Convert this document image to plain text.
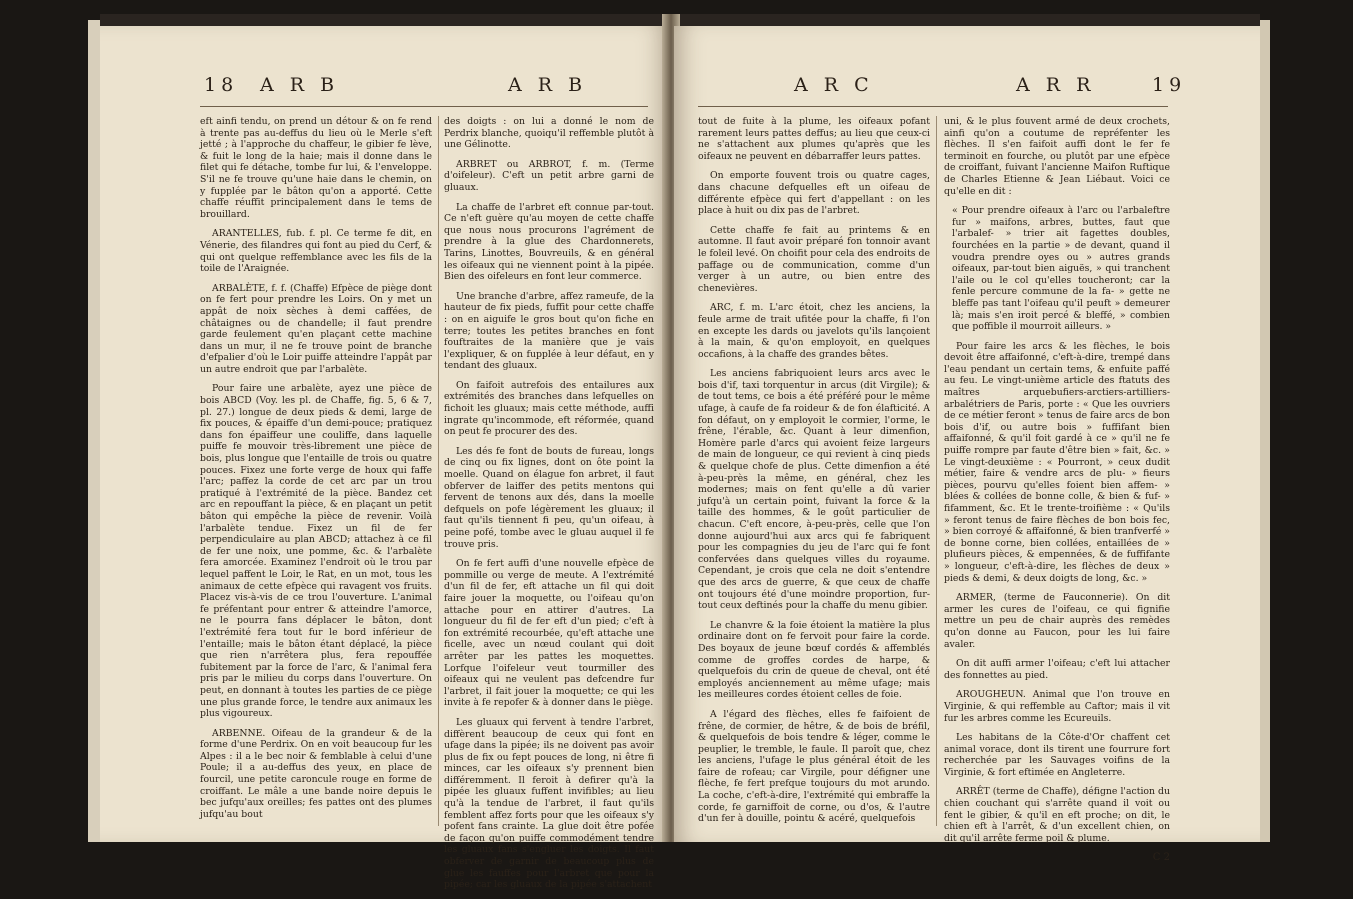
18 A R B	A R B

eft ainfi tendu, on prend un détour & on fe rend à trente pas au-deffus du lieu où le Merle s'eft jetté ; à l'approche du chaffeur, le gibier fe lève, & fuit le long de la haie; mais il donne dans le filet qui fe détache, tombe fur lui, & l'enveloppe. S'il ne fe trouve qu'une haie dans le chemin, on y fupplée par le bâton qu'on a apporté. Cette chaffe réuffit principalement dans le tems de brouillard.

ARANTELLES, fub. f. pl. Ce terme fe dit, en Vénerie, des filandres qui font au pied du Cerf, & qui ont quelque reffemblance avec les fils de la toile de l'Araignée.

ARBALÈTE, f. f. (Chaffe) Efpèce de piège dont on fe fert pour prendre les Loirs. On y met un appât de noix sèches à demi caffées, de châtaignes ou de chandelle; il faut prendre garde feulement qu'en plaçant cette machine dans un mur, il ne fe trouve point de branche d'efpalier d'où le Loir puiffe atteindre l'appât par un autre endroit que par l'arbalète.

Pour faire une arbalète, ayez une pièce de bois ABCD (Voy. les pl. de Chaffe, fig. 5, 6 & 7, pl. 27.) longue de deux pieds & demi, large de fix pouces, & épaiffe d'un demi-pouce; pratiquez dans fon épaiffeur une couliffe, dans laquelle puiffe fe mouvoir très-librement une pièce de bois, plus longue que l'entaille de trois ou quatre pouces. Fixez une forte verge de houx qui faffe l'arc; paffez la corde de cet arc par un trou pratiqué à l'extrémité de la pièce. Bandez cet arc en repouffant la pièce, & en plaçant un petit bâton qui empêche la pièce de revenir. Voilà l'arbalète tendue. Fixez un fil de fer perpendiculaire au plan ABCD; attachez à ce fil de fer une noix, une pomme, &c. & l'arbalète fera amorcée. Examinez l'endroit où le trou par lequel paffent le Loir, le Rat, en un mot, tous les animaux de cette efpèce qui ravagent vos fruits. Placez vis-à-vis de ce trou l'ouverture. L'animal fe préfentant pour entrer & atteindre l'amorce, ne le pourra fans déplacer le bâton, dont l'extrémité fera tout fur le bord inférieur de l'entaille; mais le bâton étant déplacé, la pièce que rien n'arrêtera plus, fera repouffée fubitement par la force de l'arc, & l'animal fera pris par le milieu du corps dans l'ouverture. On peut, en donnant à toutes les parties de ce piège une plus grande force, le tendre aux animaux les plus vigoureux.

ARBENNE. Oifeau de la grandeur & de la forme d'une Perdrix. On en voit beaucoup fur les Alpes : il a le bec noir & femblable à celui d'une Poule; il a au-deffus des yeux, en place de fourcil, une petite caroncule rouge en forme de croiffant. Le mâle a une bande noire depuis le bec jufqu'aux oreilles; fes pattes ont des plumes jufqu'au bout

des doigts : on lui a donné le nom de Perdrix blanche, quoiqu'il reffemble plutôt à une Gélinotte.

ARBRET ou ARBROT, f. m. (Terme d'oifeleur). C'eft un petit arbre garni de gluaux.

La chaffe de l'arbret eft connue par-tout. Ce n'eft guère qu'au moyen de cette chaffe que nous nous procurons l'agrément de prendre à la glue des Chardonnerets, Tarins, Linottes, Bouvreuils, & en général les oifeaux qui ne viennent point à la pipée. Bien des oifeleurs en font leur commerce.

Une branche d'arbre, affez rameufe, de la hauteur de fix pieds, fuffit pour cette chaffe : on en aiguife le gros bout qu'on fiche en terre; toutes les petites branches en font fouftraites de la manière que je vais l'expliquer, & on fupplée à leur défaut, en y tendant des gluaux.

On faifoit autrefois des entailures aux extrémités des branches dans lefquelles on fichoit les gluaux; mais cette méthode, auffi ingrate qu'incommode, eft réformée, quand on peut fe procurer des des.

Les dés fe font de bouts de fureau, longs de cinq ou fix lignes, dont on ôte point la moelle. Quand on élague fon arbret, il faut obferver de laiffer des petits mentons qui fervent de tenons aux dés, dans la moelle defquels on pofe légèrement les gluaux; il faut qu'ils tiennent fi peu, qu'un oifeau, à peine pofé, tombe avec le gluau auquel il fe trouve pris.

On fe fert auffi d'une nouvelle efpèce de pommille ou verge de meute. A l'extrémité d'un fil de fer, eft attache un fil qui doit faire jouer la moquette, ou l'oifeau qu'on attache pour en attirer d'autres. La longueur du fil de fer eft d'un pied; c'eft à fon extrémité recourbée, qu'eft attache une ficelle, avec un nœud coulant qui doit arrêter par les pattes les moquettes. Lorfque l'oifeleur veut tourmiller des oifeaux qui ne veulent pas defcendre fur l'arbret, il fait jouer la moquette; ce qui les invite à fe repofer & à donner dans le piège.

Les gluaux qui fervent à tendre l'arbret, diffèrent beaucoup de ceux qui font en ufage dans la pipée; ils ne doivent pas avoir plus de fix ou fept pouces de long, ni être fi minces, car les oifeaux s'y prennent bien différemment. Il feroit à defirer qu'à la pipée les gluaux fuffent invifibles; au lieu qu'à la tendue de l'arbret, il faut qu'ils femblent affez forts pour que les oifeaux s'y pofent fans crainte. La glue doit être pofée de façon qu'on puiffe commodément tendre les gluaux fans s'engluer les doigts. Il faut obferver de garnir de beaucoup plus de glue les fauffes pour l'arbret que pour la pipée; car les gluaux de la pipée s'attachent

A R C	A R R	19

tout de fuite à la plume, les oifeaux pofant rarement leurs pattes deffus; au lieu que ceux-ci ne s'attachent aux plumes qu'après que les oifeaux ne peuvent en débarraffer leurs pattes.

On emporte fouvent trois ou quatre cages, dans chacune defquelles eft un oifeau de différente efpèce qui fert d'appellant : on les place à huit ou dix pas de l'arbret.

Cette chaffe fe fait au printems & en automne. Il faut avoir préparé fon tonnoir avant le foleil levé. On choifit pour cela des endroits de paffage ou de communication, comme d'un verger à un autre, ou bien entre des chenevières.

ARC, f. m. L'arc étoit, chez les anciens, la feule arme de trait ufitée pour la chaffe, fi l'on en excepte les dards ou javelots qu'ils lançoient à la main, & qu'on employoit, en quelques occafions, à la chaffe des grandes bêtes.

Les anciens fabriquoient leurs arcs avec le bois d'if, taxi torquentur in arcus (dit Virgile); & de tout tems, ce bois a été préféré pour le même ufage, à caufe de fa roideur & de fon élafticité. A fon défaut, on y employoit le cormier, l'orme, le frêne, l'érable, &c. Quant à leur dimenfion, Homère parle d'arcs qui avoient feize largeurs de main de longueur, ce qui revient à cinq pieds & quelque chofe de plus. Cette dimenfion a été à-peu-près la même, en général, chez les modernes; mais on fent qu'elle a dû varier jufqu'à un certain point, fuivant la force & la taille des hommes, & le goût particulier de chacun. C'eft encore, à-peu-près, celle que l'on donne aujourd'hui aux arcs qui fe fabriquent pour les compagnies du jeu de l'arc qui fe font confervées dans quelques villes du royaume. Cependant, je crois que cela ne doit s'entendre que des arcs de guerre, & que ceux de chaffe ont toujours été d'une moindre proportion, fur-tout ceux deftinés pour la chaffe du menu gibier.

Le chanvre & la foie étoient la matière la plus ordinaire dont on fe fervoit pour faire la corde. Des boyaux de jeune bœuf cordés & affemblés comme de groffes cordes de harpe, & quelquefois du crin de queue de cheval, ont été employés anciennement au même ufage; mais les meilleures cordes étoient celles de foie.

A l'égard des flèches, elles fe faifoient de frêne, de cormier, de hêtre, & de bois de bréfil, & quelquefois de bois tendre & léger, comme le peuplier, le tremble, le faule. Il paroît que, chez les anciens, l'ufage le plus général étoit de les faire de rofeau; car Virgile, pour défigner une flèche, fe fert prefque toujours du mot arundo. La coche, c'eft-à-dire, l'extrémité qui embraffe la corde, fe garniffoit de corne, ou d'os, & l'autre d'un fer à douille, pointu & acéré, quelquefois

uni, & le plus fouvent armé de deux crochets, ainfi qu'on a coutume de repréfenter les flèches. Il s'en faifoit auffi dont le fer fe terminoit en fourche, ou plutôt par une efpèce de croiffant, fuivant l'ancienne Maifon Ruftique de Charles Etienne & Jean Liébaut. Voici ce qu'elle en dit :

« Pour prendre oifeaux à l'arc ou l'arbaleftre fur » maifons, arbres, buttes, faut que l'arbalef- » trier ait fagettes doubles, fourchées en la partie » de devant, quand il voudra prendre oyes ou » autres grands oifeaux, par-tout bien aiguës, » qui tranchent l'aile ou le col qu'elles toucheront; car la fenle percure commune de la fa- » gette ne bleffe pas tant l'oifeau qu'il peuft » demeurer là; mais s'en iroit percé & bleffé, » combien que poffible il mourroit ailleurs. »

Pour faire les arcs & les flèches, le bois devoit être affaifonné, c'eft-à-dire, trempé dans l'eau pendant un certain tems, & enfuite paffé au feu. Le vingt-unième article des ftatuts des maîtres arquebufiers-arctiers-artilliers-arbalétriers de Paris, porte : « Que les ouvriers de ce métier feront » tenus de faire arcs de bon bois d'if, ou autre bois » fuffifant bien affaifonné, & qu'il foit gardé à ce » qu'il ne fe puiffe rompre par faute d'être bien » fait, &c. » Le vingt-deuxième : « Pourront, » ceux dudit métier, faire & vendre arcs de plu- » fieurs pièces, pourvu qu'elles foient bien affem- » blées & collées de bonne colle, & bien & fuf- » fifamment, &c. Et le trente-troifième : « Qu'ils » feront tenus de faire flèches de bon bois fec, » bien corroyé & affaifonné, & bien tranfverfé » de bonne corne, bien collées, entaillées de » plufieurs pièces, & empennées, & de fuffifante » longueur, c'eft-à-dire, les flèches de deux » pieds & demi, & deux doigts de long, &c. »

ARMER, (terme de Fauconnerie). On dit armer les cures de l'oifeau, ce qui fignifie mettre un peu de chair auprès des remèdes qu'on donne au Faucon, pour les lui faire avaler.

On dit auffi armer l'oifeau; c'eft lui attacher des fonnettes au pied.

AROUGHEUN. Animal que l'on trouve en Virginie, & qui reffemble au Caftor; mais il vit fur les arbres comme les Ecureuils.

Les habitans de la Côte-d'Or chaffent cet animal vorace, dont ils tirent une fourrure fort recherchée par les Sauvages voifins de la Virginie, & fort eftimée en Angleterre.

ARRÊT (terme de Chaffe), défigne l'action du chien couchant qui s'arrête quand il voit ou fent le gibier, & qu'il en eft proche; on dit, le chien eft à l'arrêt, & d'un excellent chien, on dit qu'il arrête ferme poil & plume.

C 2
